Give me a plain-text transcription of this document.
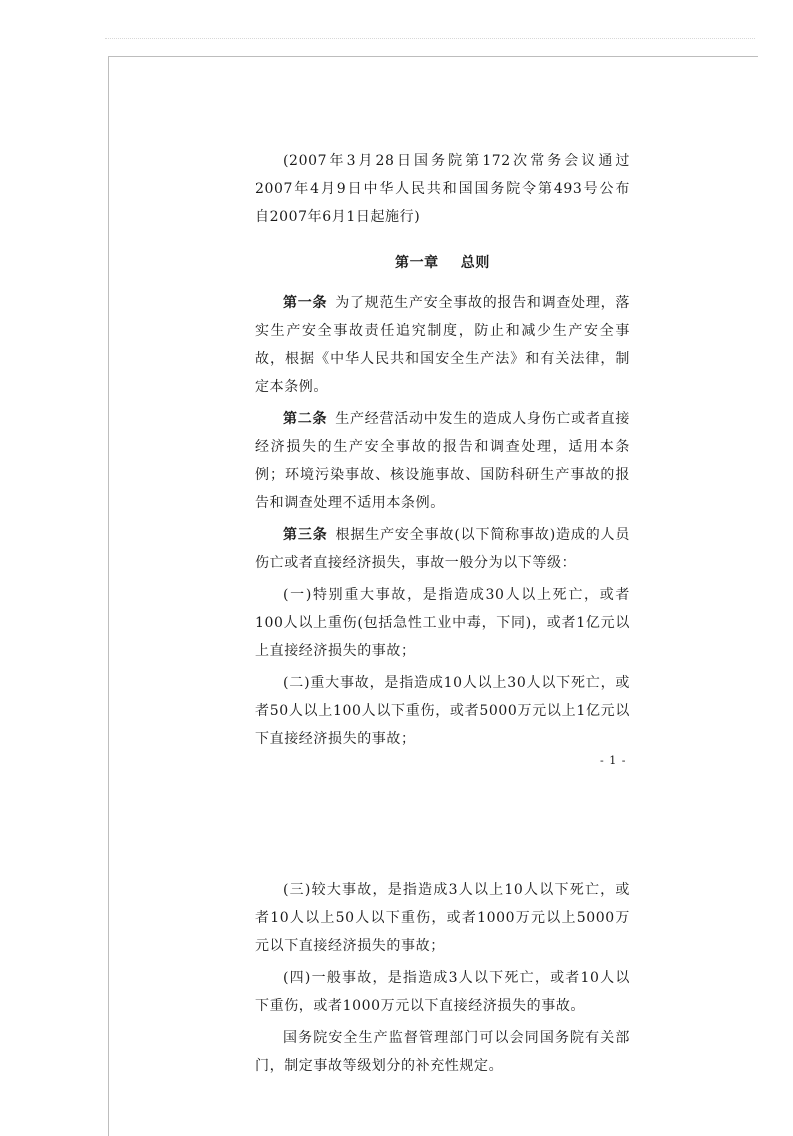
(2007年3月28日国务院第172次常务会议通过　2007年4月9日中华人民共和国国务院令第493号公布　自2007年6月1日起施行)

第一章 总则

第一条 为了规范生产安全事故的报告和调查处理，落实生产安全事故责任追究制度，防止和减少生产安全事故，根据《中华人民共和国安全生产法》和有关法律，制定本条例。

第二条 生产经营活动中发生的造成人身伤亡或者直接经济损失的生产安全事故的报告和调查处理，适用本条例；环境污染事故、核设施事故、国防科研生产事故的报告和调查处理不适用本条例。

第三条 根据生产安全事故(以下简称事故)造成的人员伤亡或者直接经济损失，事故一般分为以下等级：

(一)特别重大事故，是指造成30人以上死亡，或者100人以上重伤(包括急性工业中毒，下同)，或者1亿元以上直接经济损失的事故；

(二)重大事故，是指造成10人以上30人以下死亡，或者50人以上100人以下重伤，或者5000万元以上1亿元以下直接经济损失的事故；

- 1 -

(三)较大事故，是指造成3人以上10人以下死亡，或者10人以上50人以下重伤，或者1000万元以上5000万元以下直接经济损失的事故；

(四)一般事故，是指造成3人以下死亡，或者10人以下重伤，或者1000万元以下直接经济损失的事故。

国务院安全生产监督管理部门可以会同国务院有关部门，制定事故等级划分的补充性规定。
